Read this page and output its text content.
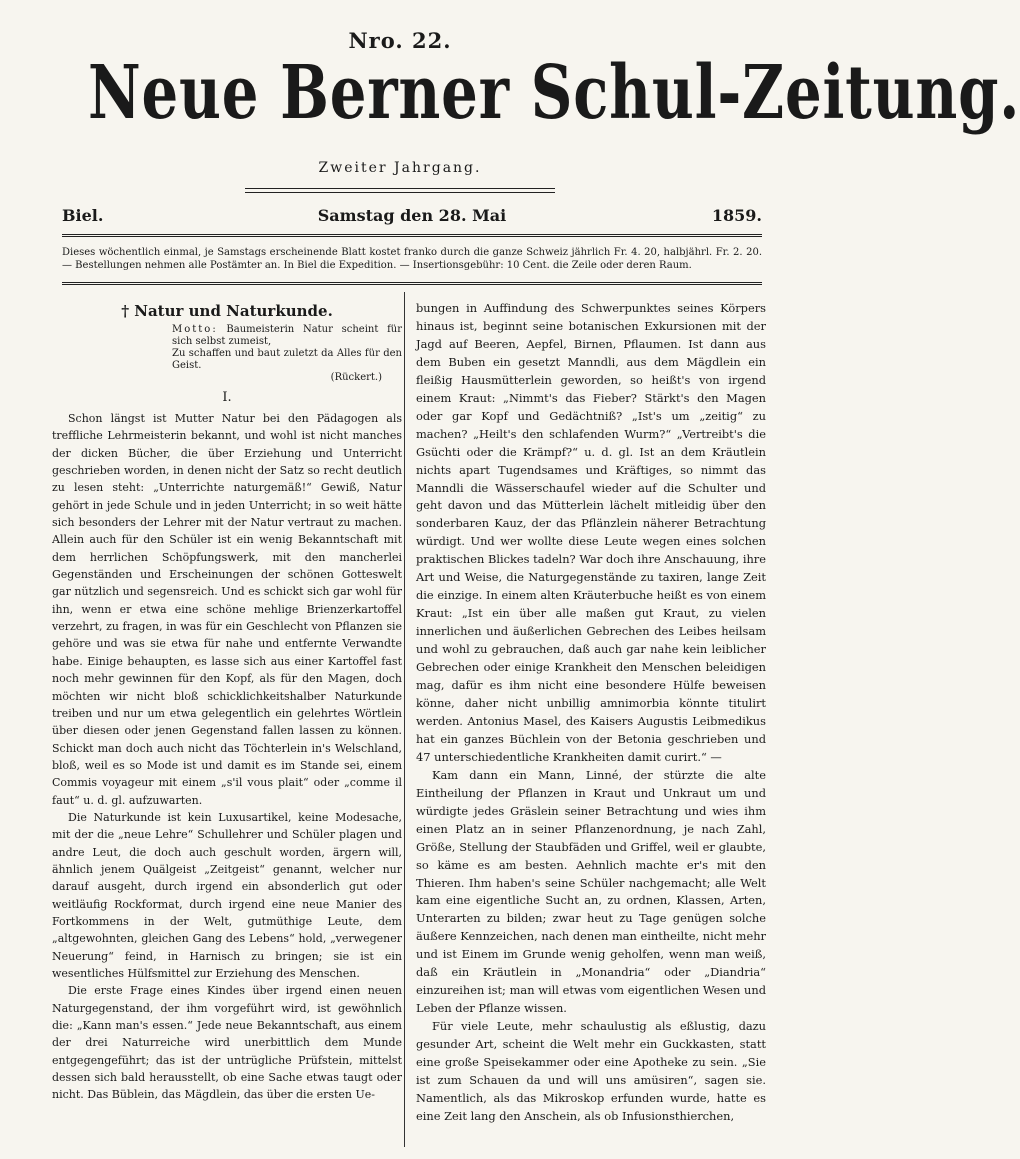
Nro. 22.
Neue Berner Schul-Zeitung.
Zweiter Jahrgang.
Biel.	Samstag den 28. Mai	1859.
Dieses wöchentlich einmal, je Samstags erscheinende Blatt kostet franko durch die ganze Schweiz jährlich Fr. 4. 20, halbjährl. Fr. 2. 20. — Bestellungen nehmen alle Postämter an. In Biel die Expedition. — Insertionsgebühr: 10 Cent. die Zeile oder deren Raum.
† Natur und Naturkunde.
Motto: Baumeisterin Natur scheint für sich selbst zumeist,
Zu schaffen und baut zuletzt da Alles für den Geist.
(Rückert.)
I.

Schon längst ist Mutter Natur bei den Pädagogen als treffliche Lehrmeisterin bekannt, und wohl ist nicht manches der dicken Bücher, die über Erziehung und Unterricht geschrieben worden, in denen nicht der Satz so recht deutlich zu lesen steht: „Unterrichte naturgemäß!“ Gewiß, Natur gehört in jede Schule und in jeden Unterricht; in so weit hätte sich besonders der Lehrer mit der Natur vertraut zu machen. Allein auch für den Schüler ist ein wenig Bekanntschaft mit dem herrlichen Schöpfungswerk, mit den mancherlei Gegenständen und Erscheinungen der schönen Gotteswelt gar nützlich und segensreich. Und es schickt sich gar wohl für ihn, wenn er etwa eine schöne mehlige Brienzerkartoffel verzehrt, zu fragen, in was für ein Geschlecht von Pflanzen sie gehöre und was sie etwa für nahe und entfernte Verwandte habe. Einige behaupten, es lasse sich aus einer Kartoffel fast noch mehr gewinnen für den Kopf, als für den Magen, doch möchten wir nicht bloß schicklichkeitshalber Naturkunde treiben und nur um etwa gelegentlich ein gelehrtes Wörtlein über diesen oder jenen Gegenstand fallen lassen zu können. Schickt man doch auch nicht das Töchterlein in's Welschland, bloß, weil es so Mode ist und damit es im Stande sei, einem Commis voyageur mit einem „s'il vous plait“ oder „comme il faut“ u. d. gl. aufzuwarten.

Die Naturkunde ist kein Luxusartikel, keine Modesache, mit der die „neue Lehre“ Schullehrer und Schüler plagen und andre Leut, die doch auch geschult worden, ärgern will, ähnlich jenem Quälgeist „Zeitgeist“ genannt, welcher nur darauf ausgeht, durch irgend ein absonderlich gut oder weitläufig Rockformat, durch irgend eine neue Manier des Fortkommens in der Welt, gutmüthige Leute, dem „altgewohnten, gleichen Gang des Lebens“ hold, „verwegener Neuerung“ feind, in Harnisch zu bringen; sie ist ein wesentliches Hülfsmittel zur Erziehung des Menschen.

Die erste Frage eines Kindes über irgend einen neuen Naturgegenstand, der ihm vorgeführt wird, ist gewöhnlich die: „Kann man's essen.“ Jede neue Bekanntschaft, aus einem der drei Naturreiche wird unerbittlich dem Munde entgegengeführt; das ist der untrügliche Prüfstein, mittelst dessen sich bald herausstellt, ob eine Sache etwas taugt oder nicht. Das Büblein, das Mägdlein, das über die ersten Ue-

bungen in Auffindung des Schwerpunktes seines Körpers hinaus ist, beginnt seine botanischen Exkursionen mit der Jagd auf Beeren, Aepfel, Birnen, Pflaumen. Ist dann aus dem Buben ein gesetzt Manndli, aus dem Mägdlein ein fleißig Hausmütterlein geworden, so heißt's von irgend einem Kraut: „Nimmt's das Fieber? Stärkt's den Magen oder gar Kopf und Gedächtniß? „Ist's um „zeitig“ zu machen? „Heilt's den schlafenden Wurm?“ „Vertreibt's die Gsüchti oder die Krämpf?“ u. d. gl. Ist an dem Kräutlein nichts apart Tugendsames und Kräftiges, so nimmt das Manndli die Wässerschaufel wieder auf die Schulter und geht davon und das Mütterlein lächelt mitleidig über den sonderbaren Kauz, der das Pflänzlein näherer Betrachtung würdigt. Und wer wollte diese Leute wegen eines solchen praktischen Blickes tadeln? War doch ihre Anschauung, ihre Art und Weise, die Naturgegenstände zu taxiren, lange Zeit die einzige. In einem alten Kräuterbuche heißt es von einem Kraut: „Ist ein über alle maßen gut Kraut, zu vielen innerlichen und äußerlichen Gebrechen des Leibes heilsam und wohl zu gebrauchen, daß auch gar nahe kein leiblicher Gebrechen oder einige Krankheit den Menschen beleidigen mag, dafür es ihm nicht eine besondere Hülfe beweisen könne, daher nicht unbillig amnimorbia könnte titulirt werden. Antonius Masel, des Kaisers Augustis Leibmedikus hat ein ganzes Büchlein von der Betonia geschrieben und 47 unterschiedentliche Krankheiten damit curirt.“ —

Kam dann ein Mann, Linné, der stürzte die alte Eintheilung der Pflanzen in Kraut und Unkraut um und würdigte jedes Gräslein seiner Betrachtung und wies ihm einen Platz an in seiner Pflanzenordnung, je nach Zahl, Größe, Stellung der Staubfäden und Griffel, weil er glaubte, so käme es am besten. Aehnlich machte er's mit den Thieren. Ihm haben's seine Schüler nachgemacht; alle Welt kam eine eigentliche Sucht an, zu ordnen, Klassen, Arten, Unterarten zu bilden; zwar heut zu Tage genügen solche äußere Kennzeichen, nach denen man eintheilte, nicht mehr und ist Einem im Grunde wenig geholfen, wenn man weiß, daß ein Kräutlein in „Monandria“ oder „Diandria“ einzureihen ist; man will etwas vom eigentlichen Wesen und Leben der Pflanze wissen.

Für viele Leute, mehr schaulustig als eßlustig, dazu gesunder Art, scheint die Welt mehr ein Guckkasten, statt eine große Speisekammer oder eine Apotheke zu sein. „Sie ist zum Schauen da und will uns amüsiren“, sagen sie. Namentlich, als das Mikroskop erfunden wurde, hatte es eine Zeit lang den Anschein, als ob Infusionsthierchen,
